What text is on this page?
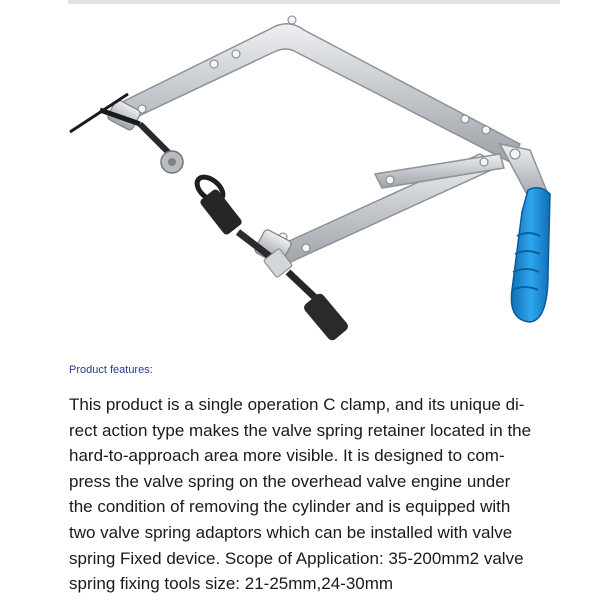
Product features:

This product is a single operation C clamp, and its unique di-
rect action type makes the valve spring retainer located in the
hard-to-approach area more visible. It is designed to com-
press the valve spring on the overhead valve engine under
the condition of removing the cylinder and is equipped with
two valve spring adaptors which can be installed with valve
spring Fixed device. Scope of Application: 35-200mm2 valve
spring fixing tools size: 21-25mm,24-30mm
